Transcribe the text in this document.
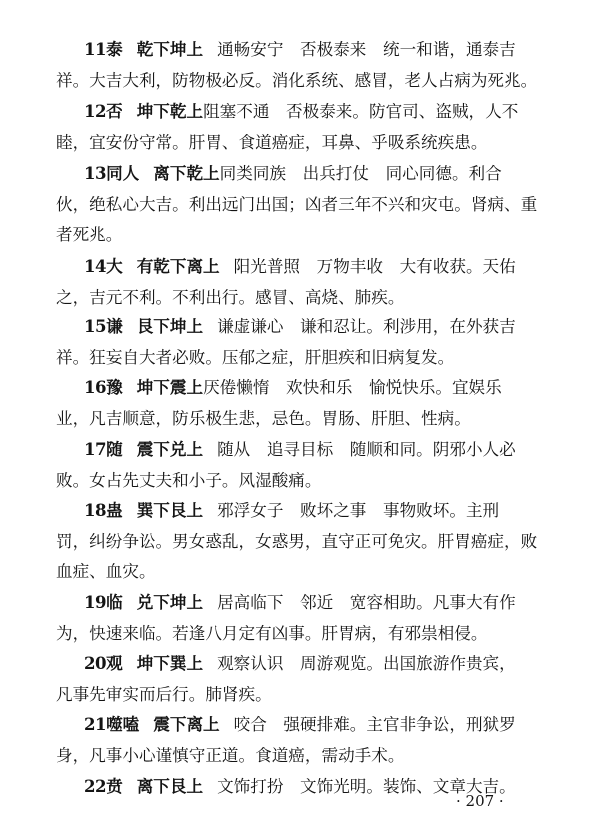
11泰 乾下坤上 通畅安宁　否极泰来　统一和谐，通泰吉
祥。大吉大利，防物极必反。消化系统、感冒，老人占病为死兆。
12否 坤下乾上阻塞不通　否极泰来。防官司、盗贼，人不
睦，宜安份守常。肝胃、食道癌症，耳鼻、乎吸系统疾患。
13同人 离下乾上同类同族　出兵打仗　同心同德。利合
伙，绝私心大吉。利出远门出国；凶者三年不兴和灾屯。肾病、重者死兆。
14大 有乾下离上 阳光普照　万物丰收　大有收获。天佑
之，吉元不利。不利出行。感冒、高烧、肺疾。
15谦 艮下坤上 谦虚谦心　谦和忍让。利涉用，在外获吉
祥。狂妄自大者必败。压郁之症，肝胆疾和旧病复发。
16豫 坤下震上厌倦懒惰　欢快和乐　愉悦快乐。宜娱乐
业，凡吉顺意，防乐极生悲，忌色。胃肠、肝胆、性病。
17随 震下兑上 随从　追寻目标　随顺和同。阴邪小人必
败。女占先丈夫和小子。风湿酸痛。
18蛊 巽下艮上 邪浮女子　败坏之事　事物败坏。主刑
罚，纠纷争讼。男女惑乱，女惑男，直守正可免灾。肝胃癌症，败血症、血灾。
19临 兑下坤上 居高临下　邻近　宽容相助。凡事大有作
为，快速来临。若逢八月定有凶事。肝胃病，有邪祟相侵。
20观 坤下巽上 观察认识　周游观览。出国旅游作贵宾，
凡事先审实而后行。肺肾疾。
21噬嗑 震下离上 咬合　强硬排难。主官非争讼，刑狱罗
身，凡事小心谨慎守正道。食道癌，需动手术。
22贲 离下艮上 文饰打扮　文饰光明。装饰、文章大吉。
· 207 ·
